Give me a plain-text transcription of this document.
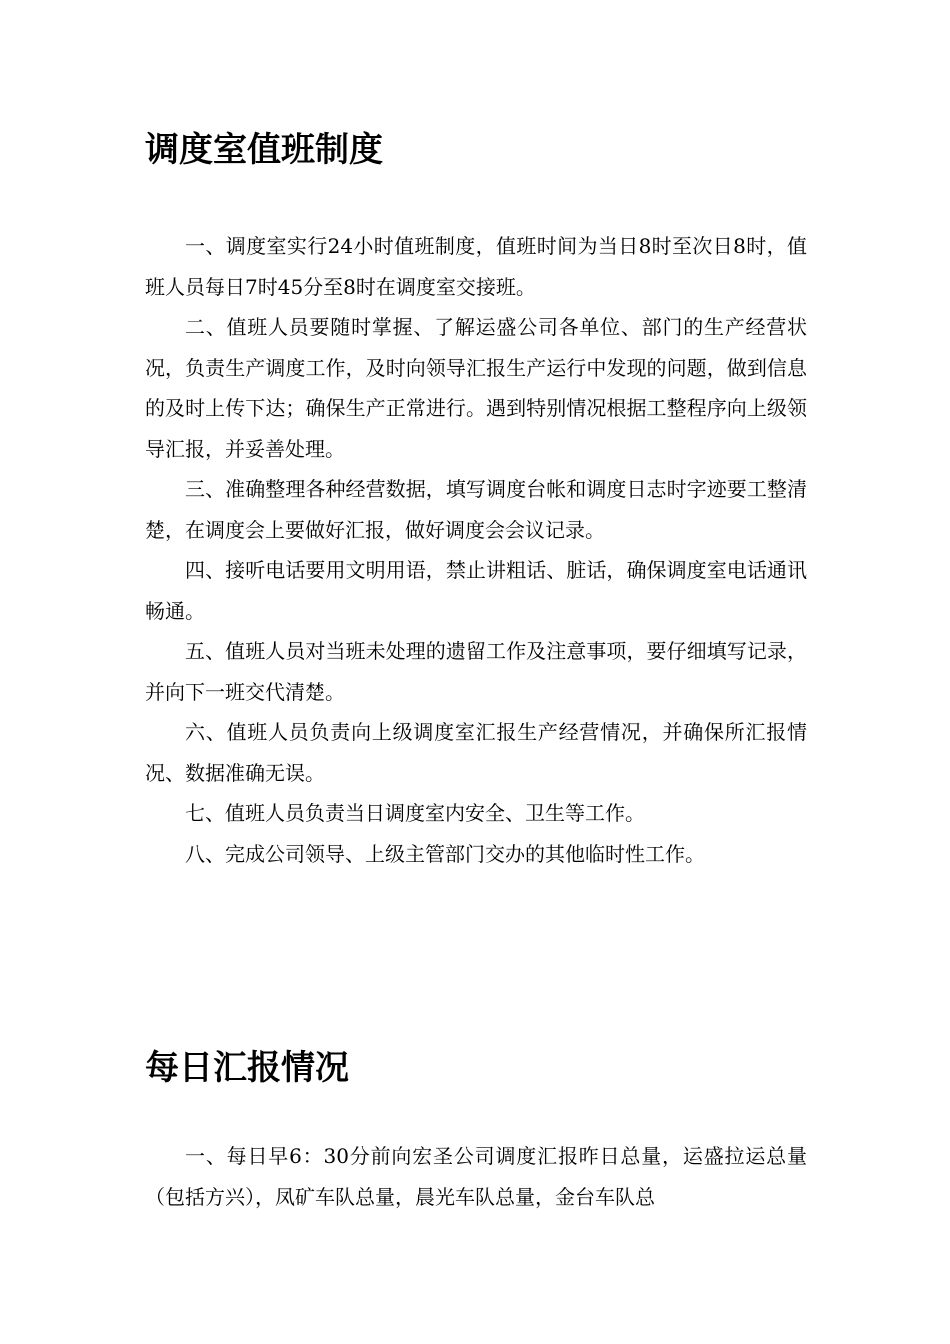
调度室值班制度

一、调度室实行24小时值班制度，值班时间为当日8时至次日8时，值班人员每日7时45分至8时在调度室交接班。

二、值班人员要随时掌握、了解运盛公司各单位、部门的生产经营状况，负责生产调度工作，及时向领导汇报生产运行中发现的问题，做到信息的及时上传下达；确保生产正常进行。遇到特别情况根据工整程序向上级领导汇报，并妥善处理。

三、准确整理各种经营数据，填写调度台帐和调度日志时字迹要工整清楚，在调度会上要做好汇报，做好调度会会议记录。

四、接听电话要用文明用语，禁止讲粗话、脏话，确保调度室电话通讯畅通。

五、值班人员对当班未处理的遗留工作及注意事项，要仔细填写记录，并向下一班交代清楚。

六、值班人员负责向上级调度室汇报生产经营情况，并确保所汇报情况、数据准确无误。

七、值班人员负责当日调度室内安全、卫生等工作。

八、完成公司领导、上级主管部门交办的其他临时性工作。

每日汇报情况

一、每日早6：30分前向宏圣公司调度汇报昨日总量，运盛拉运总量（包括方兴），凤矿车队总量，晨光车队总量，金台车队总
